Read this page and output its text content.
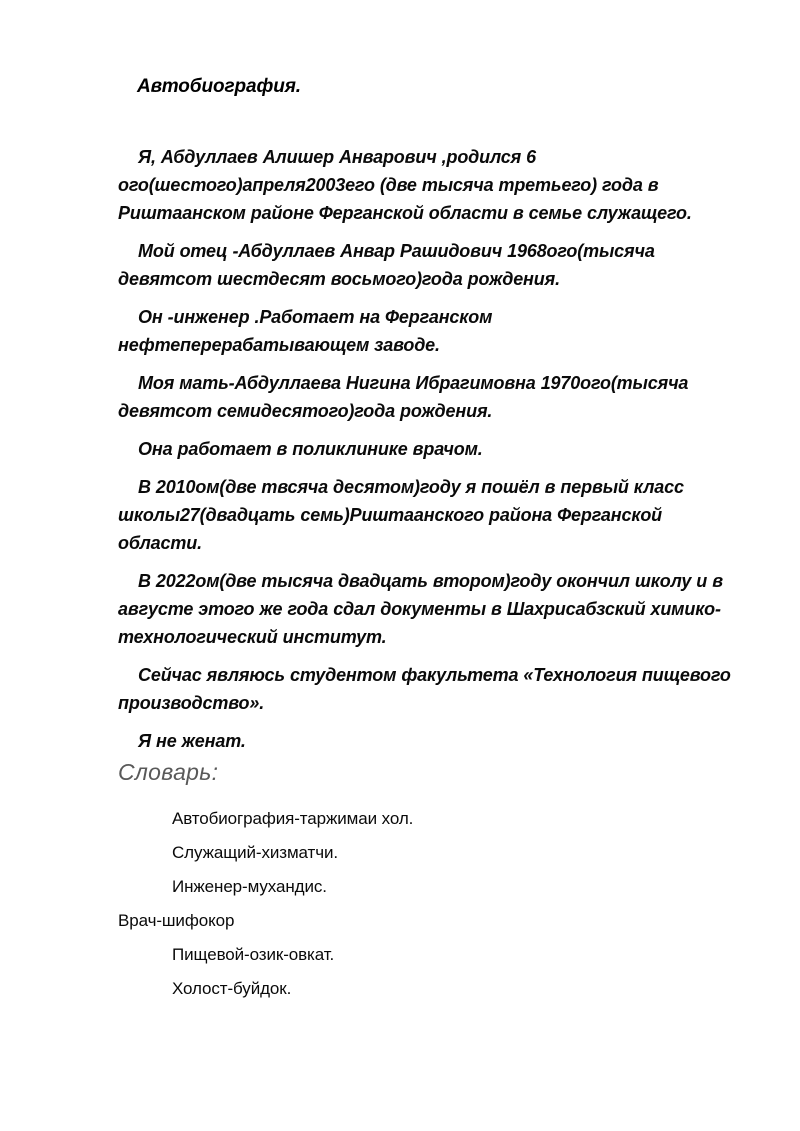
Автобиография.

Я, Абдуллаев Алишер Анварович ,родился 6 ого(шестого)апреля2003его (две тысяча третьего) года в Риштаанском районе Ферганской области в семье служащего.

Мой отец -Абдуллаев Анвар Рашидович 1968ого(тысяча девятсот шестдесят восьмого)года рождения.

Он -инженер .Работает на Ферганском нефтеперерабатывающем заводе.

Моя мать-Абдуллаева Нигина Ибрагимовна 1970ого(тысяча девятсот семидесятого)года рождения.

Она работает в поликлинике врачом.

В 2010ом(две твсяча десятом)году я пошёл в первый класс школы27(двадцать семь)Риштаанского района Ферганской области.

В 2022ом(две тысяча двадцать втором)году окончил школу и в августе этого же года сдал документы в Шахрисабзский химико-технологический институт.

Сейчас являюсь студентом факультета «Технология пищевого производство».

Я не женат.

Словарь:
Автобиография-таржимаи хол.
Служащий-хизматчи.
Инженер-мухандис.
Врач-шифокор
Пищевой-озик-овкат.
Холост-буйдок.
